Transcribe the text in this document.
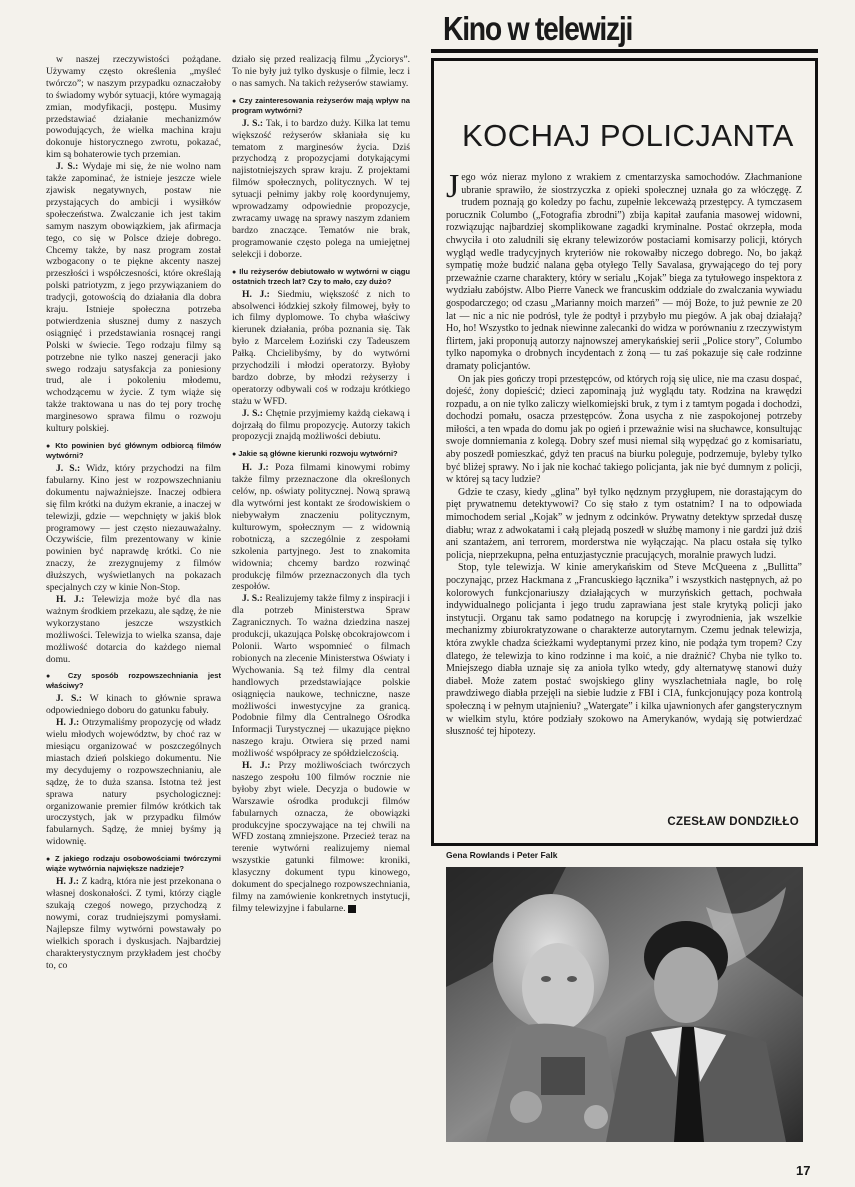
w naszej rzeczywistości pożądane. Używamy często określenia „myśleć twórczo”; w naszym przypadku oznaczałoby to świadomy wybór sytuacji, które wymagają zmian, modyfikacji, postępu. Musimy przedstawiać działanie mechanizmów powodujących, że wielka machina kraju dokonuje historycznego zwrotu, pokazać, kim są bohaterowie tych przemian.

J. S.: Wydaje mi się, że nie wolno nam także zapominać, że istnieje jeszcze wiele zjawisk negatywnych, postaw nie przystających do ambicji i wysiłków społeczeństwa. Zwalczanie ich jest takim samym naszym obowiązkiem, jak afirmacja tego, co się w Polsce dzieje dobrego. Chcemy także, by nasz program został wzbogacony o te piękne akcenty naszej przeszłości i współczesności, które określają polski patriotyzm, z jego przywiązaniem do tradycji, gotowością do działania dla dobra kraju. Istnieje społeczna potrzeba potwierdzenia słusznej dumy z naszych osiągnięć i przedstawiania rosnącej rangi Polski w świecie. Tego rodzaju filmy są potrzebne nie tylko naszej generacji jako swego rodzaju satysfakcja za poniesiony trud, ale i pokoleniu młodemu, wchodzącemu w życie. Z tym wiąże się także traktowana u nas do tej pory trochę marginesowo sprawa filmu o rozwoju kultury polskiej.

● Kto powinien być głównym odbiorcą filmów wytwórni?

J. S.: Widz, który przychodzi na film fabularny. Kino jest w rozpowszechnianiu dokumentu najważniejsze. Inaczej odbiera się film krótki na dużym ekranie, a inaczej w telewizji, gdzie — wepchnięty w jakiś blok programowy — jest często niezauważalny. Oczywiście, film prezentowany w kinie powinien być naprawdę krótki. Co nie znaczy, że zrezygnujemy z filmów dłuższych, wyświetlanych na pokazach specjalnych czy w kinie Non-Stop.

H. J.: Telewizja może być dla nas ważnym środkiem przekazu, ale sądzę, że nie wykorzystano jeszcze wszystkich możliwości. Telewizja to wielka szansa, daje możliwość dotarcia do każdego niemal domu.

● Czy sposób rozpowszechniania jest właściwy?

J. S.: W kinach to głównie sprawa odpowiedniego doboru do gatunku fabuły.

H. J.: Otrzymaliśmy propozycję od władz wielu młodych województw, by choć raz w miesiącu organizować w poszczególnych miastach dzień polskiego dokumentu. Nie my decydujemy o rozpowszechnianiu, ale sądzę, że to duża szansa. Istotna też jest sprawa natury psychologicznej: organizowanie premier filmów krótkich tak uroczystych, jak w przypadku filmów fabularnych. Sądzę, że mniej byśmy ją widownię.

● Z jakiego rodzaju osobowościami twórczymi wiąże wytwórnia największe nadzieje?

H. J.: Z kadrą, która nie jest przekonana o własnej doskonałości. Z tymi, którzy ciągle szukają czegoś nowego, przychodzą z nowymi, coraz trudniejszymi pomysłami. Najlepsze filmy wytwórni powstawały po wielkich sporach i dyskusjach. Najbardziej charakterystycznym przykładem jest choćby to, co

działo się przed realizacją filmu „Życiorys”. To nie były już tylko dyskusje o filmie, lecz i o nas samych. Na takich reżyserów stawiamy.

● Czy zainteresowania reżyserów mają wpływ na program wytwórni?

J. S.: Tak, i to bardzo duży. Kilka lat temu większość reżyserów skłaniała się ku tematom z marginesów życia. Dziś przychodzą z propozycjami dotykającymi najistotniejszych spraw kraju. Z projektami filmów społecznych, politycznych. W tej sytuacji pełnimy jakby rolę koordynujemy, wprowadzamy odpowiednie propozycje, zwracamy uwagę na sprawy naszym zdaniem bardzo znaczące. Tematów nie brak, programowanie często polega na umiejętnej selekcji i doborze.

● Ilu reżyserów debiutowało w wytwórni w ciągu ostatnich trzech lat? Czy to mało, czy dużo?

H. J.: Siedmiu, większość z nich to absolwenci łódzkiej szkoły filmowej, były to ich filmy dyplomowe. To chyba właściwy kierunek działania, próba poznania się. Tak było z Marcelem Łoziński czy Tadeuszem Pałką. Chcielibyśmy, by do wytwórni przychodzili i młodzi operatorzy. Byłoby bardzo dobrze, by młodzi reżyserzy i operatorzy odbywali coś w rodzaju krótkiego stażu w WFD.

J. S.: Chętnie przyjmiemy każdą ciekawą i dojrzałą do filmu propozycję. Autorzy takich propozycji znajdą możliwości debiutu.

● Jakie są główne kierunki rozwoju wytwórni?

H. J.: Poza filmami kinowymi robimy także filmy przeznaczone dla określonych celów, np. oświaty politycznej. Nową sprawą dla wytwórni jest kontakt ze środowiskiem o niebywałym znaczeniu politycznym, kulturowym, społecznym — z widownią robotniczą, a szczególnie z zespołami szkolenia partyjnego. Jest to znakomita widownia; chcemy bardzo rozwinąć produkcję filmów przeznaczonych dla tych zespołów.

J. S.: Realizujemy także filmy z inspiracji i dla potrzeb Ministerstwa Spraw Zagranicznych. To ważna dziedzina naszej produkcji, ukazująca Polskę obcokrajowcom i Polonii. Warto wspomnieć o filmach robionych na zlecenie Ministerstwa Oświaty i Wychowania. Są też filmy dla central handlowych przedstawiające polskie osiągnięcia naukowe, techniczne, nasze możliwości inwestycyjne za granicą. Podobnie filmy dla Centralnego Ośrodka Informacji Turystycznej — ukazujące piękno naszego kraju. Otwiera się przed nami możliwość współpracy ze spółdzielczością.

H. J.: Przy możliwościach twórczych naszego zespołu 100 filmów rocznie nie byłoby zbyt wiele. Decyzja o budowie w Warszawie ośrodka produkcji filmów fabularnych oznacza, że obowiązki produkcyjne spoczywające na tej chwili na WFD zostaną zmniejszone. Przecież teraz na terenie wytwórni realizujemy niemal wszystkie gatunki filmowe: kroniki, klasyczny dokument typu kinowego, dokument do specjalnego rozpowszechniania, filmy na zamówienie konkretnych instytucji, filmy telewizyjne i fabularne.

Kino w telewizji
KOCHAJ POLICJANTA

Jego wóz nieraz mylono z wrakiem z cmentarzyska samochodów. Złachmanione ubranie sprawiło, że siostrzyczka z opieki społecznej uznała go za włóczęgę. Z trudem poznają go koledzy po fachu, zupełnie lekceważą przestępcy. A tymczasem porucznik Columbo („Fotografia zbrodni”) zbija kapitał zaufania masowej widowni, rozwiązując najbardziej skomplikowane zagadki kryminalne. Postać okrzepła, moda chwyciła i oto zaludnili się ekrany telewizorów postaciami komisarzy policji, których wygląd wedle tradycyjnych kryteriów nie rokowałby niczego dobrego. No, bo jakąż sympatię może budzić nalana gęba otyłego Telly Savalasa, grywającego do tej pory przeważnie czarne charaktery, który w serialu „Kojak” biega za tytułowego inspektora z wydziału zabójstw. Albo Pierre Vaneck we francuskim oddziale do zwalczania wywiadu gospodarczego; od czasu „Marianny moich marzeń” — mój Boże, to już pewnie ze 20 lat — nic a nic nie podrósł, tyle że podtył i przybyło mu piegów. A jak obaj działają? Ho, ho! Wszystko to jednak niewinne zalecanki do widza w porównaniu z rzeczywistym flirtem, jaki proponują autorzy najnowszej amerykańskiej serii „Police story”, Columbo tylko napomyka o drobnych incydentach z żoną — tu zaś pokazuje się całe rodzinne dramaty policjantów.

On jak pies gończy tropi przestępców, od których roją się ulice, nie ma czasu dospać, dojeść, żony dopieścić; dzieci zapominają już wyglądu taty. Rodzina na krawędzi rozpadu, a on nie tylko zaliczy wielkomiejski bruk, z tym i z tamtym pogada i dochodzi, dochodzi pomału, osacza przestępców. Żona usycha z nie zaspokojonej potrzeby miłości, a ten wpada do domu jak po ogień i przeważnie wisi na słuchawce, konsultując swoje domniemania z kolegą. Dobry szef musi niemal siłą wypędzać go z komisariatu, aby poszedł pomieszkać, gdyż ten pracuś na biurku poleguje, podrzemuje, byleby tylko być bliżej sprawy. No i jak nie kochać takiego policjanta, jak nie być dumnym z policji, w której są tacy ludzie?

Gdzie te czasy, kiedy „glina” był tylko nędznym przygłupem, nie dorastającym do pięt prywatnemu detektywowi? Co się stało z tym ostatnim? I na to odpowiada mimochodem serial „Kojak” w jednym z odcinków. Prywatny detektyw sprzedał duszę diabłu; wraz z adwokatami i całą plejadą poszedł w służbę mamony i nie gardzi już dziś ani szantażem, ani terrorem, morderstwa nie wyłączając. Na placu ostała się tylko policja, nieprzekupna, pełna entuzjastycznie pracujących, moralnie prawych ludzi.

Stop, tyle telewizja. W kinie amerykańskim od Steve McQueena z „Bullitta” poczynając, przez Hackmana z „Francuskiego łącznika” i wszystkich następnych, aż po kolorowych funkcjonariuszy działających w murzyńskich gettach, pochwała indywidualnego policjanta i jego trudu zaprawiana jest stale krytyką policji jako instytucji. Organu tak samo podatnego na korupcję i zwyrodnienia, jak wszelkie mechanizmy zbiurokratyzowane o charakterze autorytarnym. Czemu jednak telewizja, która zwykle chadza ścieżkami wydeptanymi przez kino, nie podąża tym tropem? Czy dlatego, że telewizja to kino rodzinne i ma koić, a nie drażnić? Chyba nie tylko to. Mniejszego diabła uznaje się za anioła tylko wtedy, gdy alternatywę stanowi duży diabeł. Może zatem postać swojskiego gliny wyszlachetniała nagle, bo rolę prawdziwego diabła przejęli na siebie ludzie z FBI i CIA, funkcjonujący poza kontrolą społeczną i w pełnym utajnieniu? „Watergate” i kilka ujawnionych afer gangsterycznym w wielkim stylu, które podziały szokowo na Amerykanów, wydają się potwierdzać słuszność tej hipotezy.

CZESŁAW DONDZIŁŁO
Gena Rowlands i Peter Falk
17
